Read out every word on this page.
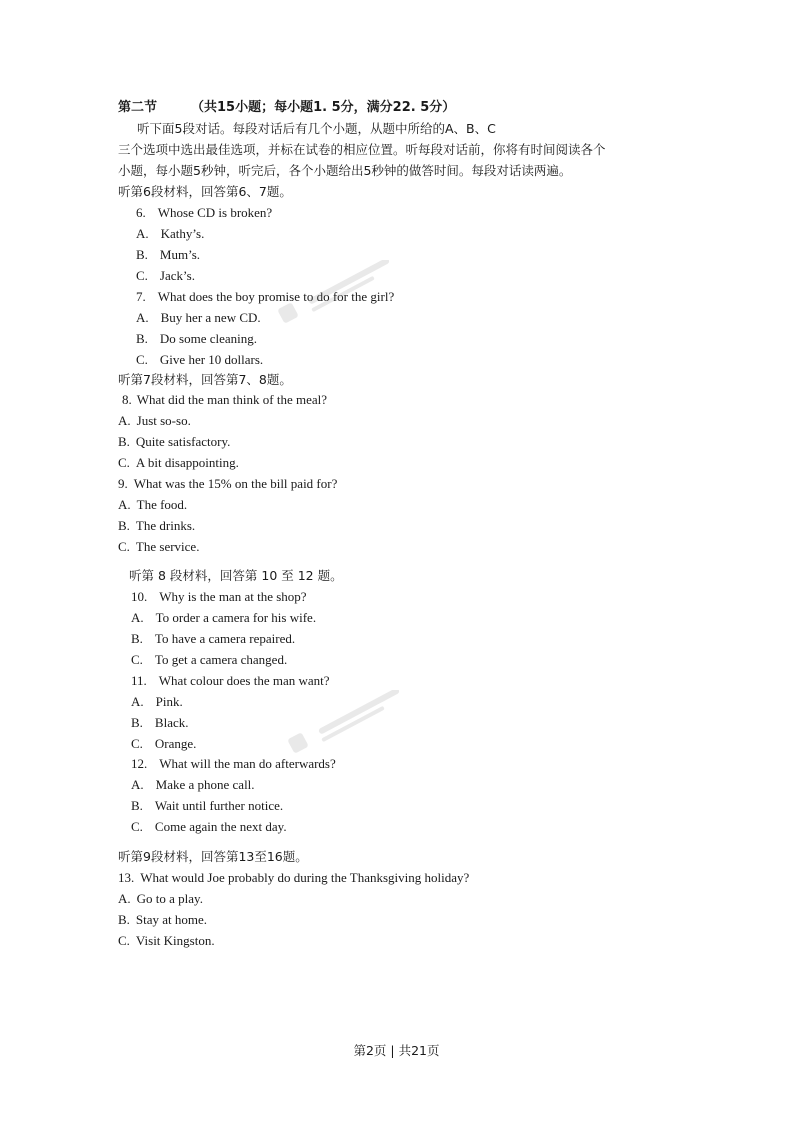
第二节	（共15小题；每小题1. 5分，满分22. 5分）
听下面5段对话。每段对话后有几个小题，从题中所给的A、B、C
三个选项中选出最佳选项，并标在试卷的相应位置。听每段对话前，你将有时间阅读各个
小题，每小题5秒钟，听完后，各个小题给出5秒钟的做答时间。每段对话读两遍。
听第6段材料，回答第6、7题。
6. Whose CD is broken?
A. Kathy’s.
B. Mum’s.
C. Jack’s.
7. What does the boy promise to do for the girl?
A. Buy her a new CD.
B. Do some cleaning.
C. Give her 10 dollars.
听第7段材料，回答第7、8题。
8. What did the man think of the meal?
A. Just so-so.
B. Quite satisfactory.
C. A bit disappointing.
9. What was the 15% on the bill paid for?
A. The food.
B. The drinks.
C. The service.
听第 8 段材料，回答第 10 至 12 题。
10. Why is the man at the shop?
A. To order a camera for his wife.
B. To have a camera repaired.
C. To get a camera changed.
11. What colour does the man want?
A. Pink.
B. Black.
C. Orange.
12. What will the man do afterwards?
A. Make a phone call.
B. Wait until further notice.
C. Come again the next day.
听第9段材料，回答第13至16题。
13. What would Joe probably do during the Thanksgiving holiday?
A. Go to a play.
B. Stay at home.
C. Visit Kingston.
第2页 | 共21页
